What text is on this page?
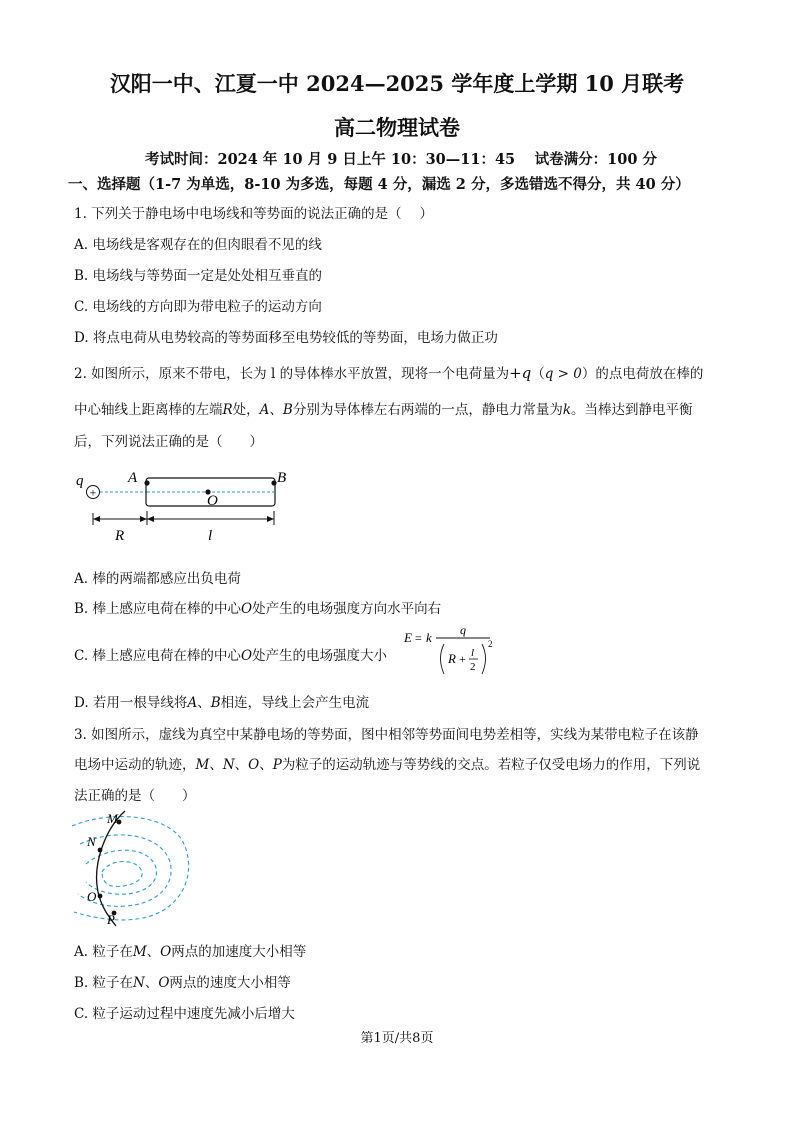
汉阳一中、江夏一中 2024—2025 学年度上学期 10 月联考
高二物理试卷
考试时间：2024 年 10 月 9 日上午 10：30—11：45　 试卷满分：100 分
一、选择题（1-7 为单选，8-10 为多选，每题 4 分，漏选 2 分，多选错选不得分，共 40 分）
1. 下列关于静电场中电场线和等势面的说法正确的是（　 ）
A. 电场线是客观存在的但肉眼看不见的线
B. 电场线与等势面一定是处处相互垂直的
C. 电场线的方向即为带电粒子的运动方向
D. 将点电荷从电势较高的等势面移至电势较低的等势面，电场力做正功
2. 如图所示，原来不带电，长为 l 的导体棒水平放置，现将一个电荷量为+q（q > 0）的点电荷放在棒的
中心轴线上距离棒的左端R处，A、B分别为导体棒左右两端的一点，静电力常量为k。当棒达到静电平衡
后，下列说法正确的是（　　）
q
+
A	B
O
R	l
A. 棒的两端都感应出负电荷
B. 棒上感应电荷在棒的中心O处产生的电场强度方向水平向右
C. 棒上感应电荷在棒的中心O处产生的电场强度大小
E = k q
R + l
2
2
D. 若用一根导线将A、B相连，导线上会产生电流
3. 如图所示，虚线为真空中某静电场的等势面，图中相邻等势面间电势差相等，实线为某带电粒子在该静
电场中运动的轨迹，M、N、O、P为粒子的运动轨迹与等势线的交点。若粒子仅受电场力的作用，下列说
法正确的是（　　）
M
N
O
P
A. 粒子在M、O两点的加速度大小相等
B. 粒子在N、O两点的速度大小相等
C. 粒子运动过程中速度先减小后增大
第1页/共8页
